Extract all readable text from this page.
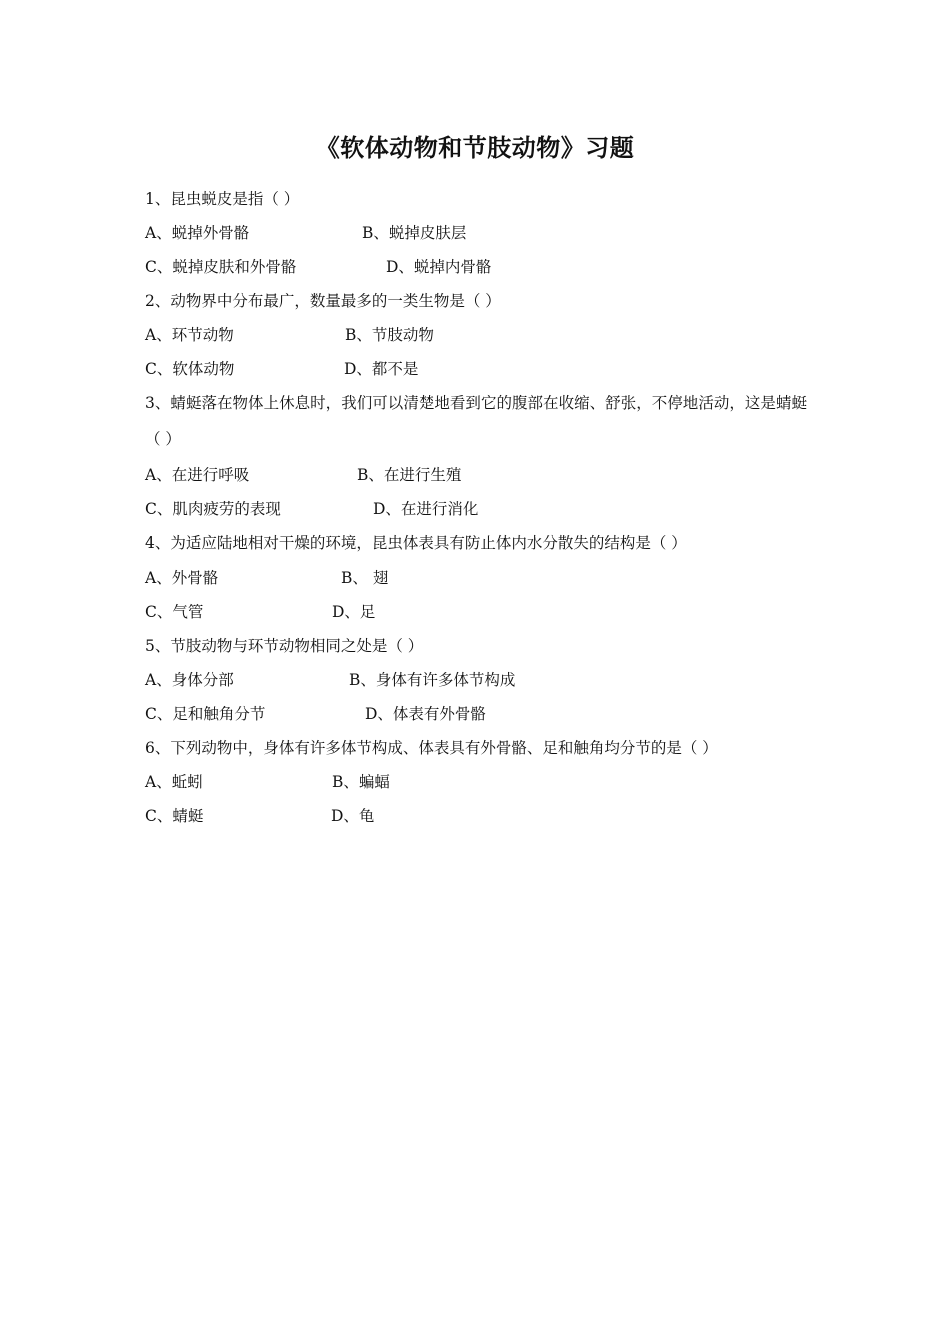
《软体动物和节肢动物》习题
1、昆虫蜕皮是指（ ）
A、蜕掉外骨骼	B、蜕掉皮肤层
C、蜕掉皮肤和外骨骼	D、蜕掉内骨骼
2、动物界中分布最广，数量最多的一类生物是（ ）
A、环节动物	B、节肢动物
C、软体动物	D、都不是
3、蜻蜓落在物体上休息时，我们可以清楚地看到它的腹部在收缩、舒张，不停地活动，这是蜻蜓（ ）
A、在进行呼吸	B、在进行生殖
C、肌肉疲劳的表现	D、在进行消化
4、为适应陆地相对干燥的环境，昆虫体表具有防止体内水分散失的结构是（ ）
A、外骨骼	B、 翅
C、气管	D、足
5、节肢动物与环节动物相同之处是（ ）
A、身体分部	B、身体有许多体节构成
C、足和触角分节	D、体表有外骨骼
6、下列动物中，身体有许多体节构成、体表具有外骨骼、足和触角均分节的是（ ）
A、蚯蚓	B、蝙蝠
C、蜻蜓	D、龟
